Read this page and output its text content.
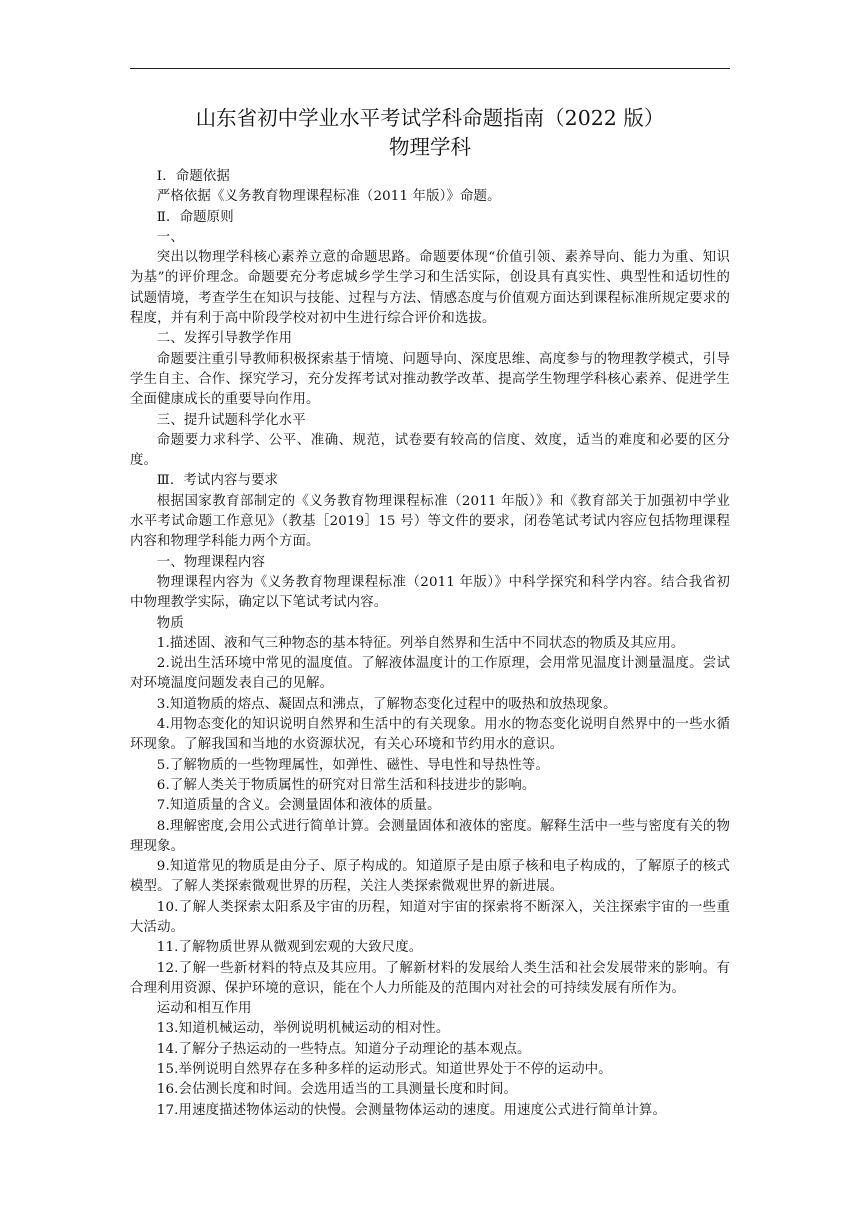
山东省初中学业水平考试学科命题指南（2022 版）
物理学科

Ⅰ．命题依据

严格依据《义务教育物理课程标准（2011 年版）》命题。

Ⅱ．命题原则

一、

突出以物理学科核心素养立意的命题思路。命题要体现“价值引领、素养导向、能力为重、知识为基”的评价理念。命题要充分考虑城乡学生学习和生活实际，创设具有真实性、典型性和适切性的试题情境，考查学生在知识与技能、过程与方法、情感态度与价值观方面达到课程标准所规定要求的程度，并有利于高中阶段学校对初中生进行综合评价和选拔。

二、发挥引导教学作用

命题要注重引导教师积极探索基于情境、问题导向、深度思维、高度参与的物理教学模式，引导学生自主、合作、探究学习，充分发挥考试对推动教学改革、提高学生物理学科核心素养、促进学生全面健康成长的重要导向作用。

三、提升试题科学化水平

命题要力求科学、公平、准确、规范，试卷要有较高的信度、效度，适当的难度和必要的区分度。

Ⅲ．考试内容与要求

根据国家教育部制定的《义务教育物理课程标准（2011 年版）》和《教育部关于加强初中学业水平考试命题工作意见》（教基［2019］15 号）等文件的要求，闭卷笔试考试内容应包括物理课程内容和物理学科能力两个方面。

一、物理课程内容

物理课程内容为《义务教育物理课程标准（2011 年版）》中科学探究和科学内容。结合我省初中物理教学实际，确定以下笔试考试内容。

物质

1.描述固、液和气三种物态的基本特征。列举自然界和生活中不同状态的物质及其应用。

2.说出生活环境中常见的温度值。了解液体温度计的工作原理，会用常见温度计测量温度。尝试对环境温度问题发表自己的见解。

3.知道物质的熔点、凝固点和沸点，了解物态变化过程中的吸热和放热现象。

4.用物态变化的知识说明自然界和生活中的有关现象。用水的物态变化说明自然界中的一些水循环现象。了解我国和当地的水资源状况，有关心环境和节约用水的意识。

5.了解物质的一些物理属性，如弹性、磁性、导电性和导热性等。

6.了解人类关于物质属性的研究对日常生活和科技进步的影响。

7.知道质量的含义。会测量固体和液体的质量。

8.理解密度,会用公式进行简单计算。会测量固体和液体的密度。解释生活中一些与密度有关的物理现象。

9.知道常见的物质是由分子、原子构成的。知道原子是由原子核和电子构成的，了解原子的核式模型。了解人类探索微观世界的历程，关注人类探索微观世界的新进展。

10.了解人类探索太阳系及宇宙的历程，知道对宇宙的探索将不断深入，关注探索宇宙的一些重大活动。

11.了解物质世界从微观到宏观的大致尺度。

12.了解一些新材料的特点及其应用。了解新材料的发展给人类生活和社会发展带来的影响。有合理利用资源、保护环境的意识，能在个人力所能及的范围内对社会的可持续发展有所作为。

运动和相互作用

13.知道机械运动，举例说明机械运动的相对性。

14.了解分子热运动的一些特点。知道分子动理论的基本观点。

15.举例说明自然界存在多种多样的运动形式。知道世界处于不停的运动中。

16.会估测长度和时间。会选用适当的工具测量长度和时间。

17.用速度描述物体运动的快慢。会测量物体运动的速度。用速度公式进行简单计算。
